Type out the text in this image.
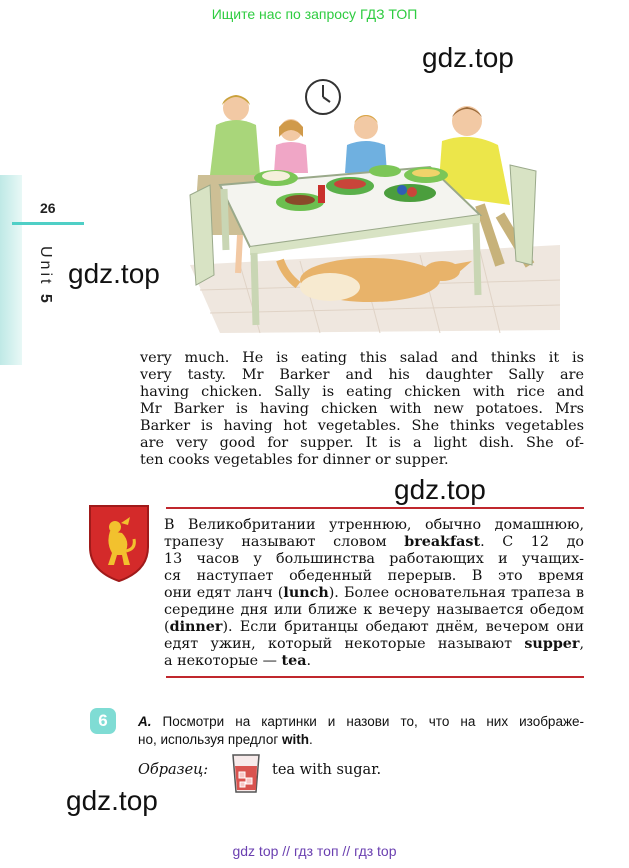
Ищите нас по запросу ГДЗ ТОП
gdz.top
gdz.top
gdz.top
gdz.top
26
Unit 5
very much. He is eating this salad and thinks it is
very tasty. Mr Barker and his daughter Sally are
having chicken. Sally is eating chicken with rice and
Mr Barker is having chicken with new potatoes. Mrs
Barker is having hot vegetables. She thinks vegetables
are very good for supper. It is a light dish. She of-
ten cooks vegetables for dinner or supper.
В Великобритании утреннюю, обычно домашнюю,
трапезу называют словом breakfast. С 12 до
13 часов у большинства работающих и учащих-
ся наступает обеденный перерыв. В это время
они едят ланч (lunch). Более основательная трапеза в
середине дня или ближе к вечеру называется обедом
(dinner). Если британцы обедают днём, вечером они
едят ужин, который некоторые называют supper,
а некоторые — tea.
6	A. Посмотри на картинки и назови то, что на них изображе-
но, используя предлог with.
Образец:	tea with sugar.
gdz top // гдз топ // гдз top
